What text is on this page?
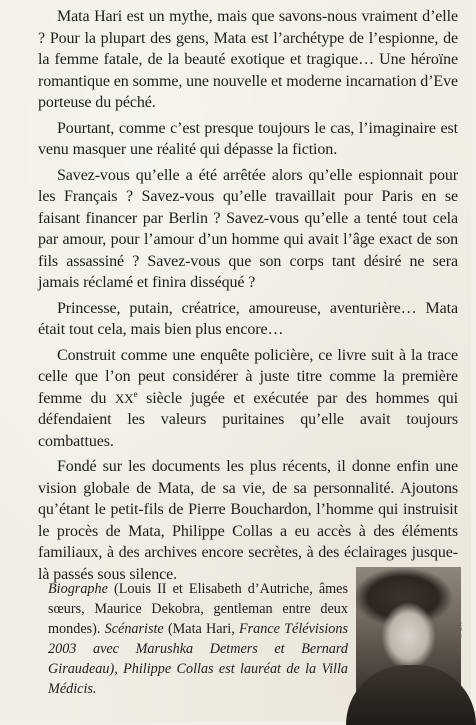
Mata Hari est un mythe, mais que savons-nous vraiment d’elle ? Pour la plupart des gens, Mata est l’archétype de l’espionne, de la femme fatale, de la beauté exotique et tragique… Une héroïne romantique en somme, une nouvelle et moderne incarnation d’Eve porteuse du péché.

Pourtant, comme c’est presque toujours le cas, l’imaginaire est venu masquer une réalité qui dépasse la fiction.

Savez-vous qu’elle a été arrêtée alors qu’elle espionnait pour les Français ? Savez-vous qu’elle travaillait pour Paris en se faisant financer par Berlin ? Savez-vous qu’elle a tenté tout cela par amour, pour l’amour d’un homme qui avait l’âge exact de son fils assassiné ? Savez-vous que son corps tant désiré ne sera jamais réclamé et finira disséqué ?

Princesse, putain, créatrice, amoureuse, aventurière… Mata était tout cela, mais bien plus encore…

Construit comme une enquête policière, ce livre suit à la trace celle que l’on peut considérer à juste titre comme la première femme du XXe siècle jugée et exécutée par des hommes qui défendaient les valeurs puritaines qu’elle avait toujours combattues.

Fondé sur les documents les plus récents, il donne enfin une vision globale de Mata, de sa vie, de sa personnalité. Ajoutons qu’étant le petit-fils de Pierre Bouchardon, l’homme qui instruisit le procès de Mata, Philippe Collas a eu accès à des éléments familiaux, à des archives encore secrètes, à des éclairages jusque-là passés sous silence.

Biographe (Louis II et Elisabeth d’Autriche, âmes sœurs, Maurice Dekobra, gentleman entre deux mondes). Scénariste (Mata Hari, France Télévisions 2003 avec Marushka Detmers et Bernard Giraudeau), Philippe Collas est lauréat de la Villa Médicis.
© DR
